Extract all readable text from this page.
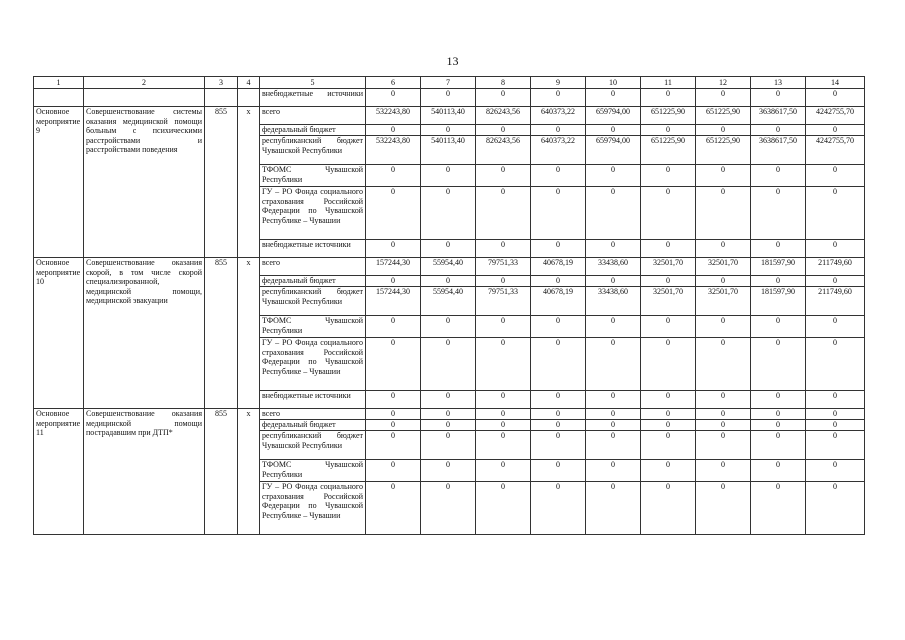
13
1	2	3	4	5	6	7	8	9	10	11	12	13	14
				внебюджетные источники	0	0	0	0	0	0	0	0	0
Основное мероприятие 9	Совершенствование системы оказания медицинской помощи больным с психическими расстройствами и расстройствами поведения	855	х	всего	532243,80	540113,40	826243,56	640373,22	659794,00	651225,90	651225,90	3638617,50	4242755,70
				федеральный бюджет	0	0	0	0	0	0	0	0	0
				республиканский бюджет Чувашской Республики	532243,80	540113,40	826243,56	640373,22	659794,00	651225,90	651225,90	3638617,50	4242755,70
				ТФОМС Чувашской Республики	0	0	0	0	0	0	0	0	0
				ГУ – РО Фонда социального страхования Российской Федерации по Чувашской Республике – Чувашии	0	0	0	0	0	0	0	0	0
				внебюджетные источники	0	0	0	0	0	0	0	0	0
Основное мероприятие 10	Совершенствование оказания скорой, в том числе скорой специализированной, медицинской помощи, медицинской эвакуации	855	х	всего	157244,30	55954,40	79751,33	40678,19	33438,60	32501,70	32501,70	181597,90	211749,60
				федеральный бюджет	0	0	0	0	0	0	0	0	0
				республиканский бюджет Чувашской Республики	157244,30	55954,40	79751,33	40678,19	33438,60	32501,70	32501,70	181597,90	211749,60
				ТФОМС Чувашской Республики	0	0	0	0	0	0	0	0	0
				ГУ – РО Фонда социального страхования Российской Федерации по Чувашской Республике – Чувашии	0	0	0	0	0	0	0	0	0
				внебюджетные источники	0	0	0	0	0	0	0	0	0
Основное мероприятие 11	Совершенствование оказания медицинской помощи пострадавшим при ДТП*	855	х	всего	0	0	0	0	0	0	0	0	0
				федеральный бюджет	0	0	0	0	0	0	0	0	0
				республиканский бюджет Чувашской Республики	0	0	0	0	0	0	0	0	0
				ТФОМС Чувашской Республики	0	0	0	0	0	0	0	0	0
				ГУ – РО Фонда социального страхования Российской Федерации по Чувашской Республике – Чувашии	0	0	0	0	0	0	0	0	0
